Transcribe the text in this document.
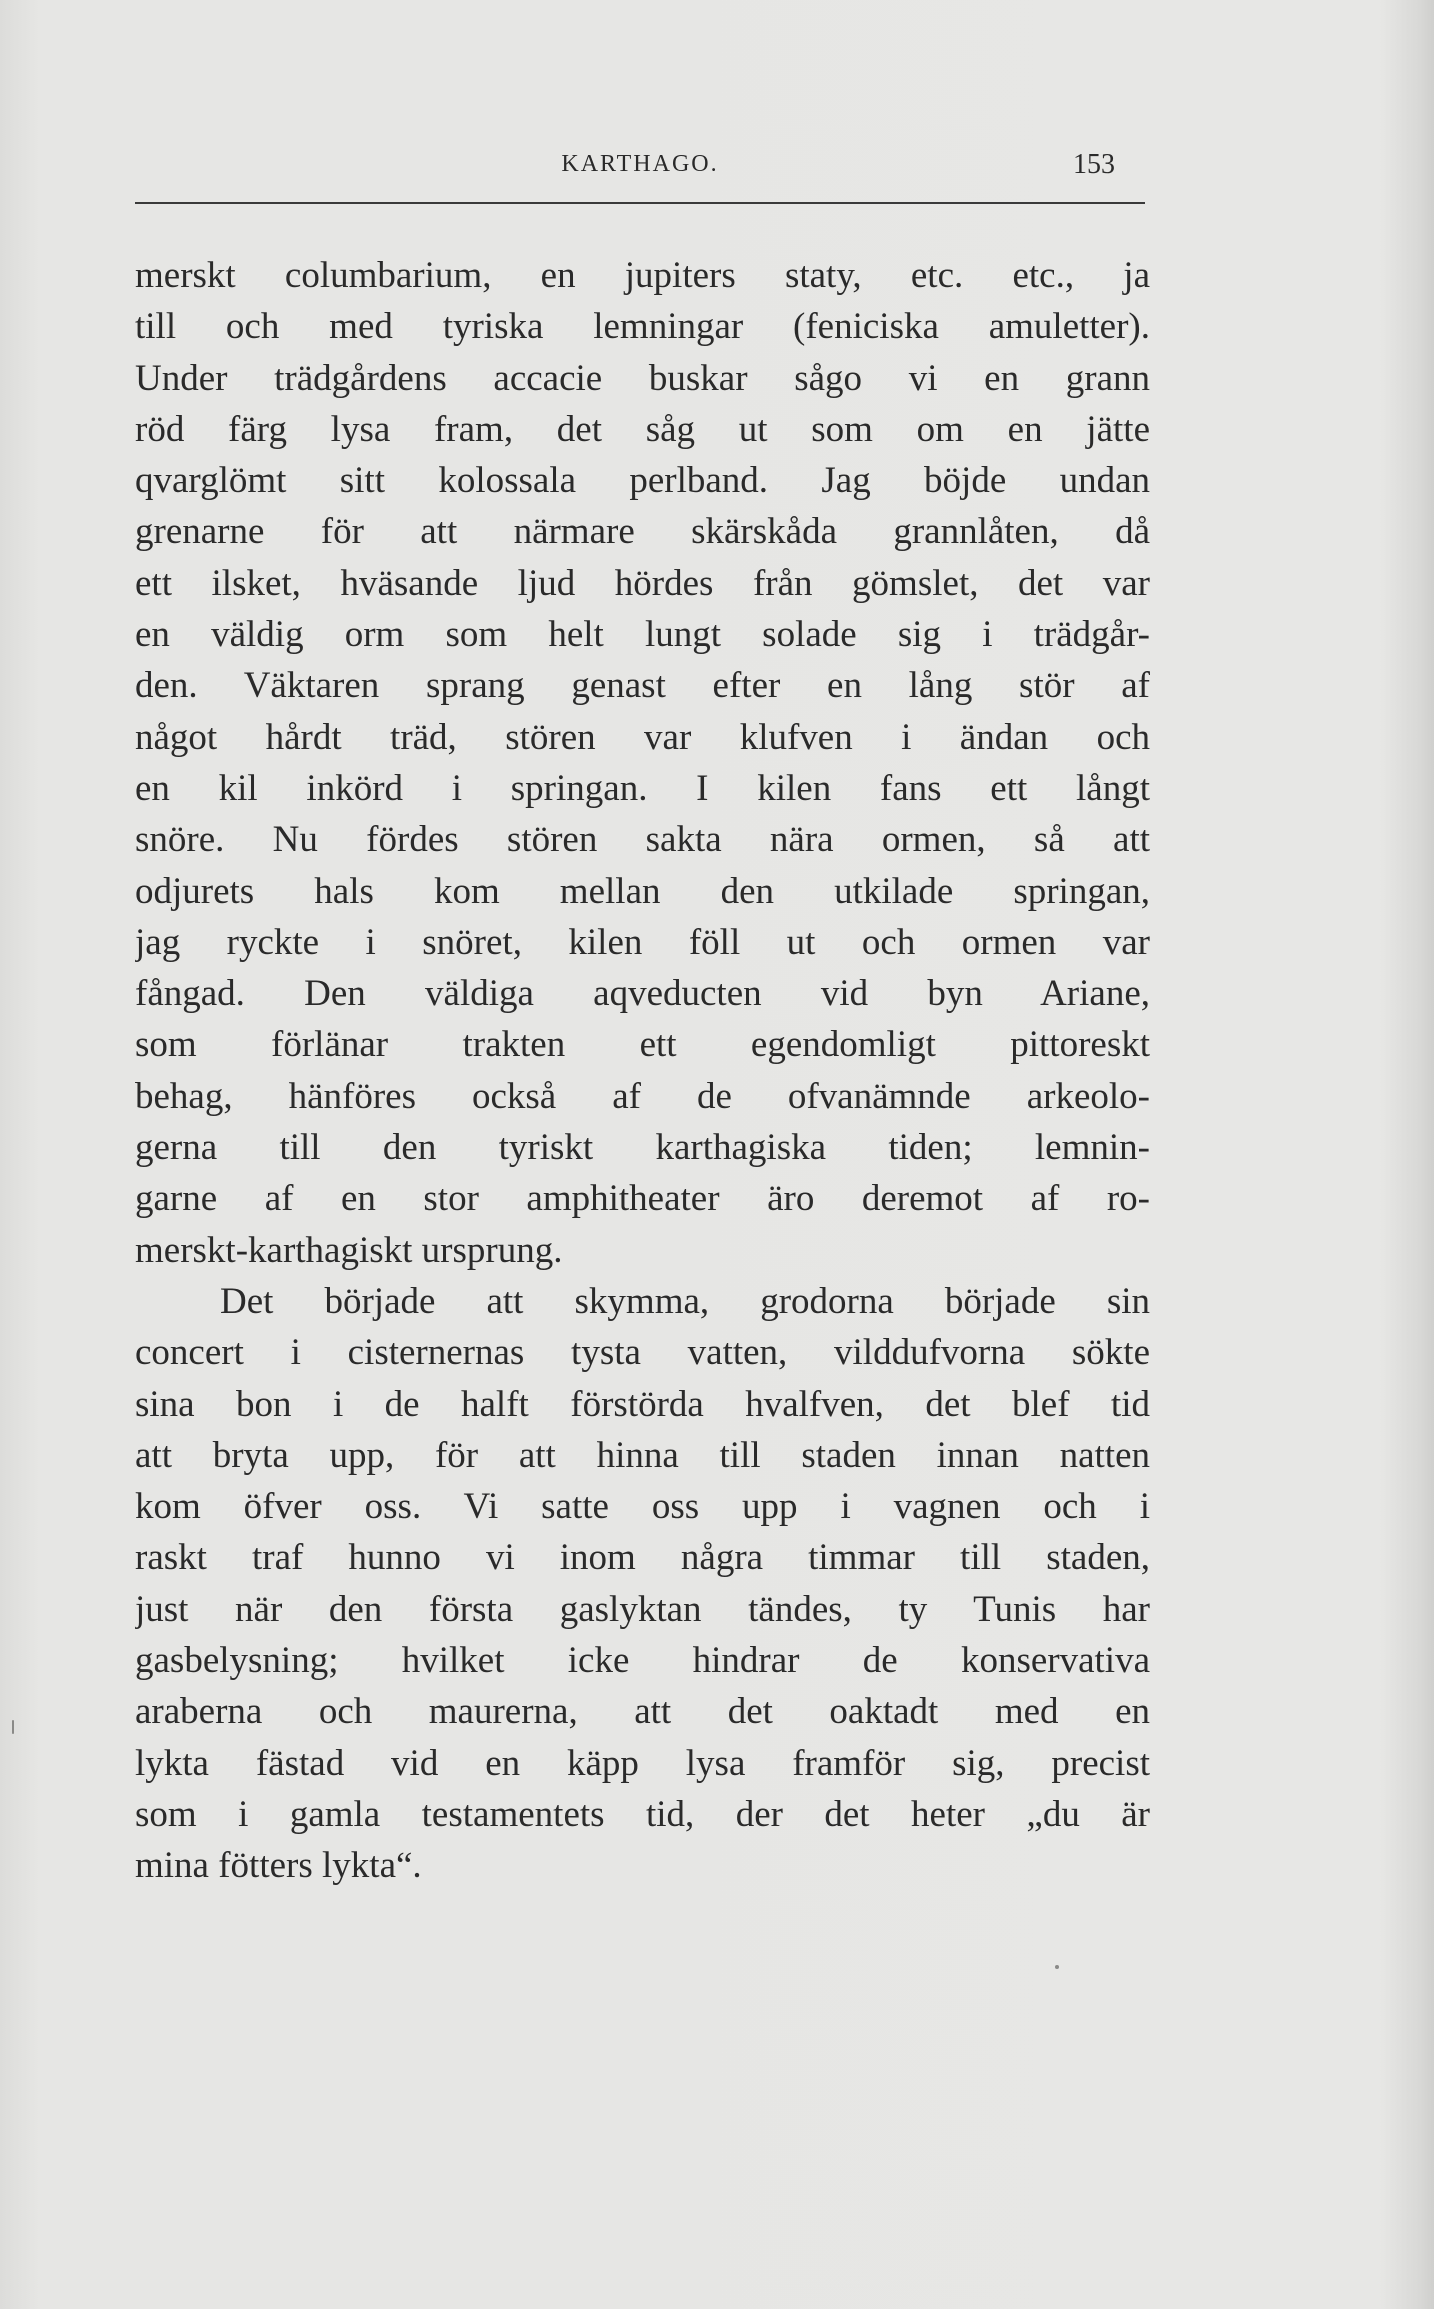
KARTHAGO.	153
merskt columbarium, en jupiters staty, etc. etc., ja
till och med tyriska lemningar (feniciska amuletter).
Under trädgårdens accacie buskar sågo vi en grann
röd färg lysa fram, det såg ut som om en jätte
qvarglömt sitt kolossala perlband. Jag böjde undan
grenarne för att närmare skärskåda grannlåten, då
ett ilsket, hväsande ljud hördes från gömslet, det var
en väldig orm som helt lungt solade sig i trädgår-
den. Väktaren sprang genast efter en lång stör af
något hårdt träd, stören var klufven i ändan och
en kil inkörd i springan. I kilen fans ett långt
snöre. Nu fördes stören sakta nära ormen, så att
odjurets hals kom mellan den utkilade springan,
jag ryckte i snöret, kilen föll ut och ormen var
fångad. Den väldiga aqveducten vid byn Ariane,
som förlänar trakten ett egendomligt pittoreskt
behag, hänföres också af de ofvanämnde arkeolo-
gerna till den tyriskt karthagiska tiden; lemnin-
garne af en stor amphitheater äro deremot af ro-
merskt-karthagiskt ursprung.
Det började att skymma, grodorna började sin
concert i cisternernas tysta vatten, vilddufvorna sökte
sina bon i de halft förstörda hvalfven, det blef tid
att bryta upp, för att hinna till staden innan natten
kom öfver oss. Vi satte oss upp i vagnen och i
raskt traf hunno vi inom några timmar till staden,
just när den första gaslyktan tändes, ty Tunis har
gasbelysning; hvilket icke hindrar de konservativa
araberna och maurerna, att det oaktadt med en
lykta fästad vid en käpp lysa framför sig, precist
som i gamla testamentets tid, der det heter „du är
mina fötters lykta“.
